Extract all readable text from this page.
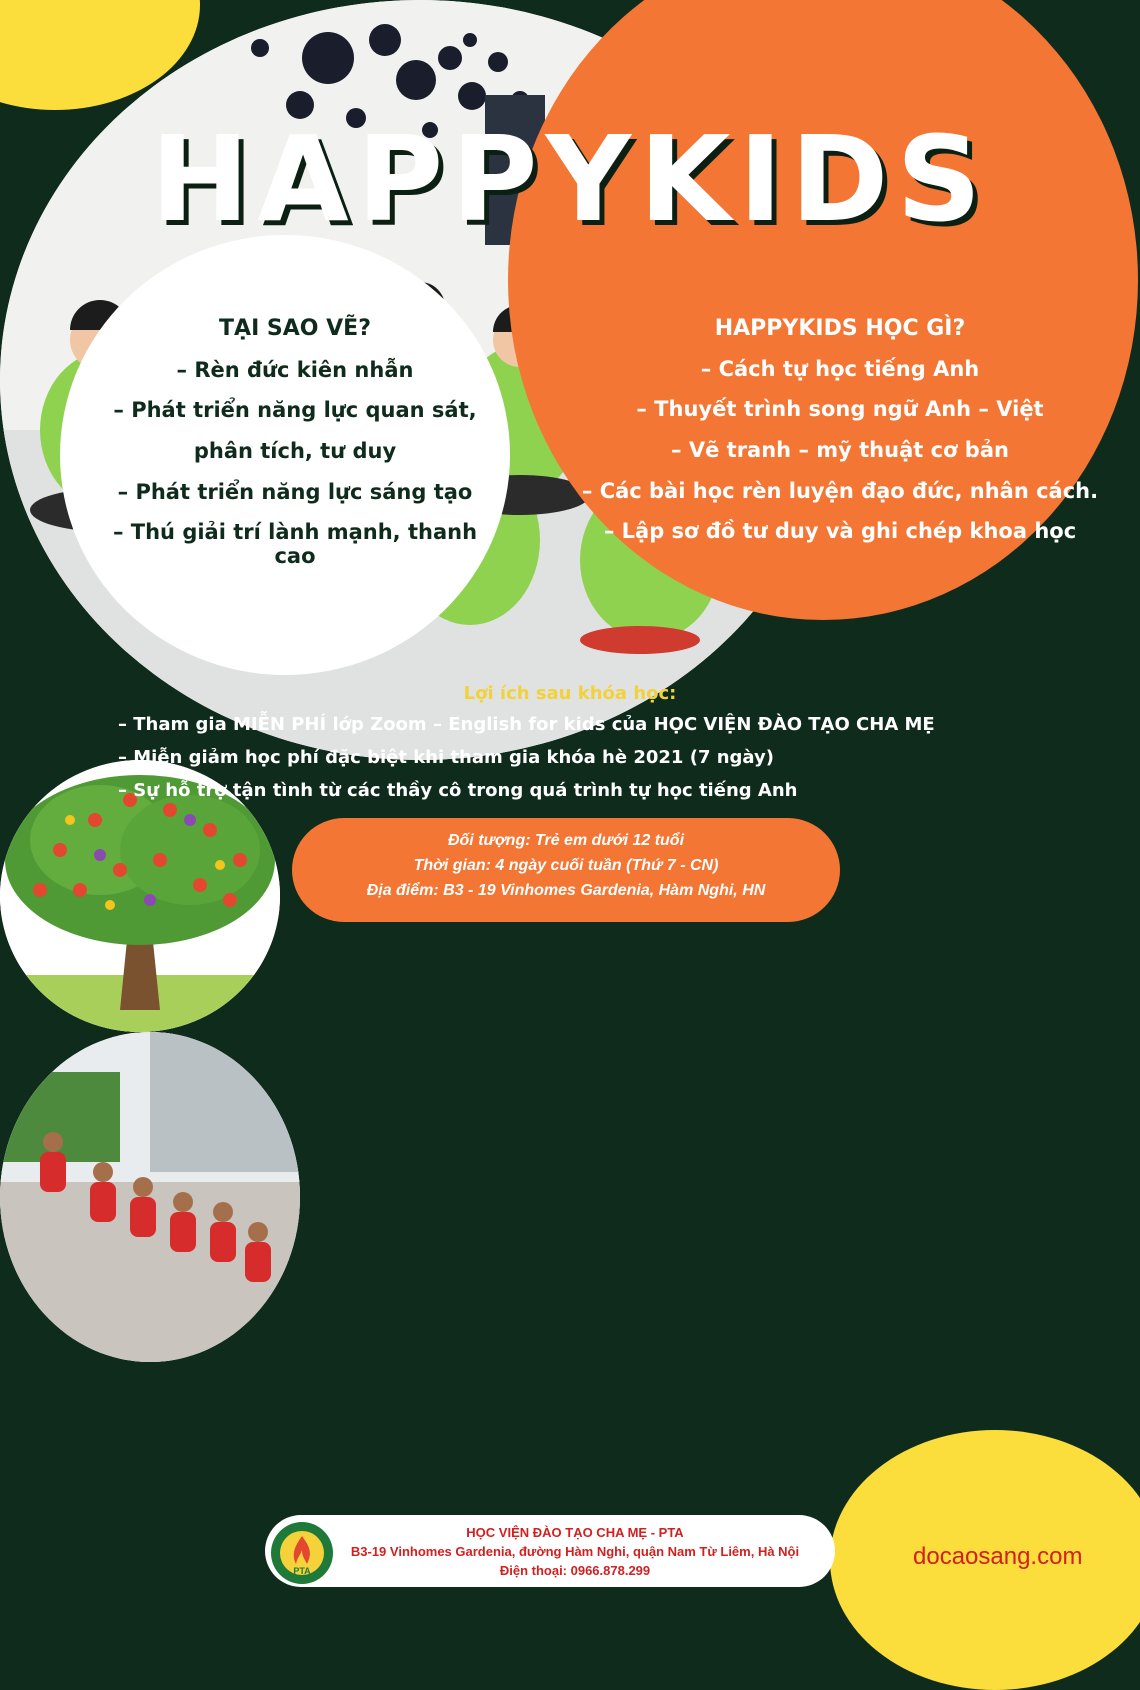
HAPPYKIDS
TẠI SAO VẼ?
– Rèn đức kiên nhẫn
– Phát triển năng lực quan sát,
phân tích, tư duy
– Phát triển năng lực sáng tạo
– Thú giải trí lành mạnh, thanh cao
HAPPYKIDS HỌC GÌ?
– Cách tự học tiếng Anh
– Thuyết trình song ngữ Anh – Việt
– Vẽ tranh – mỹ thuật cơ bản
– Các bài học rèn luyện đạo đức, nhân cách.
– Lập sơ đồ tư duy và ghi chép khoa học
Lợi ích sau khóa học:
– Tham gia MIỄN PHÍ lớp Zoom – English for kids của HỌC VIỆN ĐÀO TẠO CHA MẸ
– Miễn giảm học phí đặc biệt khi tham gia khóa hè 2021 (7 ngày)
– Sự hỗ trợ tận tình từ các thầy cô trong quá trình tự học tiếng Anh
Đối tượng: Trẻ em dưới 12 tuổi
Thời gian: 4 ngày cuối tuần (Thứ 7 - CN)
Địa điểm: B3 - 19 Vinhomes Gardenia, Hàm Nghi, HN
PTA
HỌC VIỆN ĐÀO TẠO CHA MẸ - PTA
B3-19 Vinhomes Gardenia, đường Hàm Nghi, quận Nam Từ Liêm, Hà Nội
Điện thoại: 0966.878.299
docaosang.com
